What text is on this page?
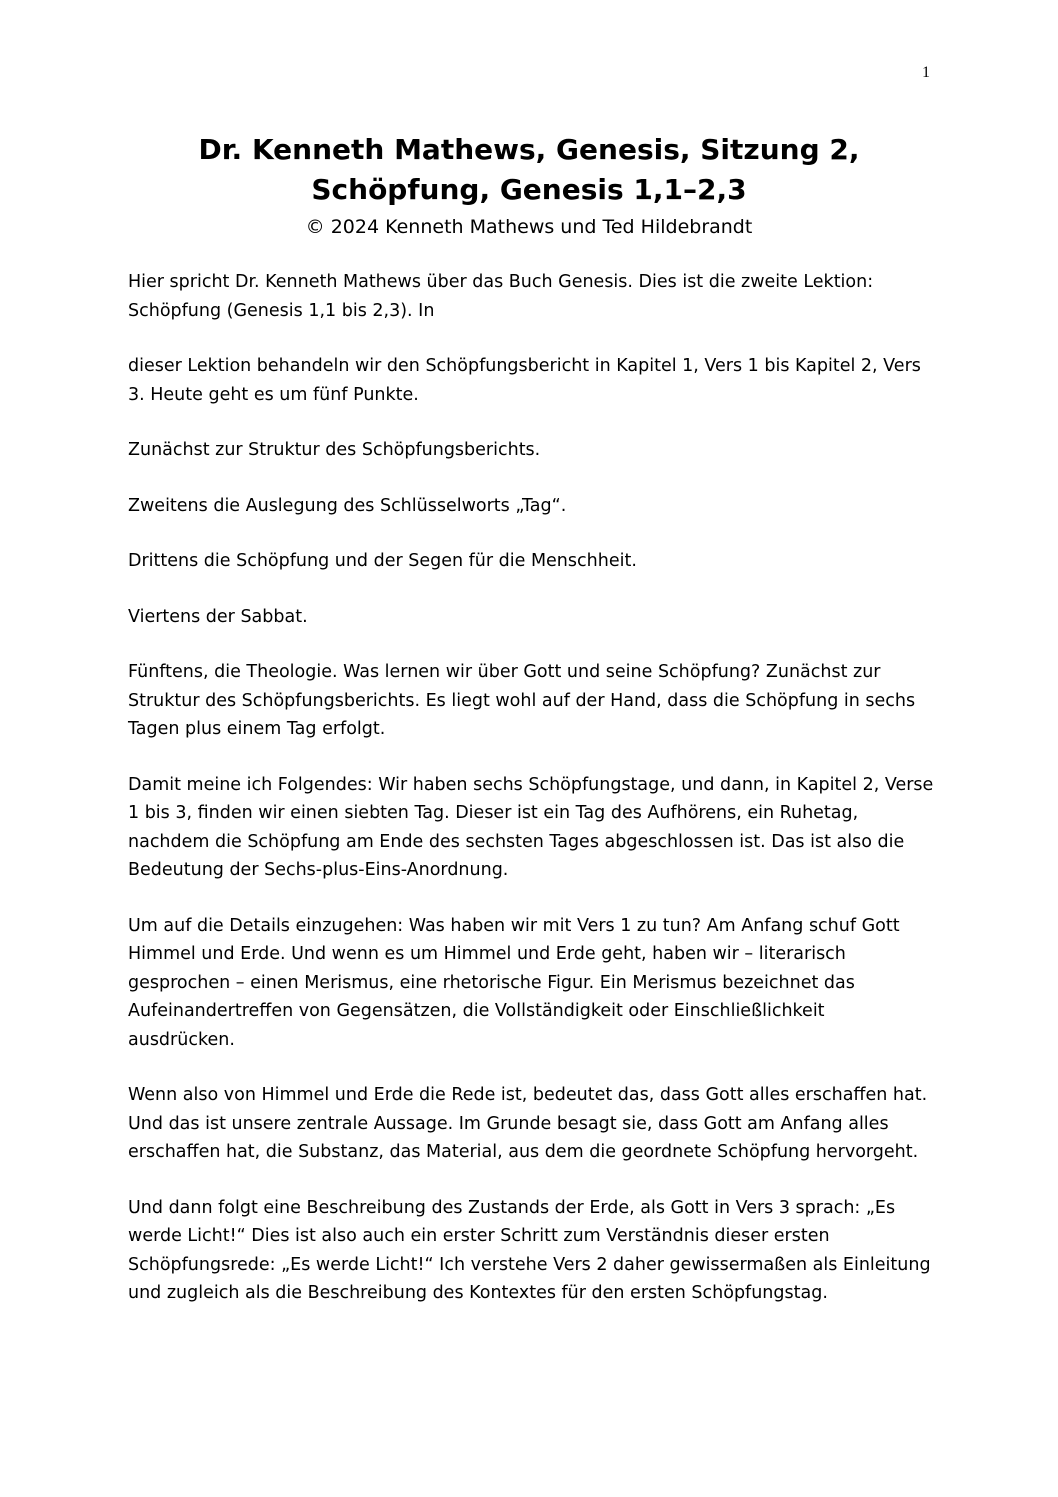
1
Dr. Kenneth Mathews, Genesis, Sitzung 2,
Schöpfung, Genesis 1,1–2,3
© 2024 Kenneth Mathews und Ted Hildebrandt

Hier spricht Dr. Kenneth Mathews über das Buch Genesis. Dies ist die zweite Lektion: Schöpfung (Genesis 1,1 bis 2,3). In

dieser Lektion behandeln wir den Schöpfungsbericht in Kapitel 1, Vers 1 bis Kapitel 2, Vers 3. Heute geht es um fünf Punkte.

Zunächst zur Struktur des Schöpfungsberichts.

Zweitens die Auslegung des Schlüsselworts „Tag“.

Drittens die Schöpfung und der Segen für die Menschheit.

Viertens der Sabbat.

Fünftens, die Theologie. Was lernen wir über Gott und seine Schöpfung? Zunächst zur Struktur des Schöpfungsberichts. Es liegt wohl auf der Hand, dass die Schöpfung in sechs Tagen plus einem Tag erfolgt.

Damit meine ich Folgendes: Wir haben sechs Schöpfungstage, und dann, in Kapitel 2, Verse 1 bis 3, finden wir einen siebten Tag. Dieser ist ein Tag des Aufhörens, ein Ruhetag, nachdem die Schöpfung am Ende des sechsten Tages abgeschlossen ist. Das ist also die Bedeutung der Sechs-plus-Eins-Anordnung.

Um auf die Details einzugehen: Was haben wir mit Vers 1 zu tun? Am Anfang schuf Gott Himmel und Erde. Und wenn es um Himmel und Erde geht, haben wir – literarisch gesprochen – einen Merismus, eine rhetorische Figur. Ein Merismus bezeichnet das Aufeinandertreffen von Gegensätzen, die Vollständigkeit oder Einschließlichkeit ausdrücken.

Wenn also von Himmel und Erde die Rede ist, bedeutet das, dass Gott alles erschaffen hat. Und das ist unsere zentrale Aussage. Im Grunde besagt sie, dass Gott am Anfang alles erschaffen hat, die Substanz, das Material, aus dem die geordnete Schöpfung hervorgeht.

Und dann folgt eine Beschreibung des Zustands der Erde, als Gott in Vers 3 sprach: „Es werde Licht!“ Dies ist also auch ein erster Schritt zum Verständnis dieser ersten Schöpfungsrede: „Es werde Licht!“ Ich verstehe Vers 2 daher gewissermaßen als Einleitung und zugleich als die Beschreibung des Kontextes für den ersten Schöpfungstag.
